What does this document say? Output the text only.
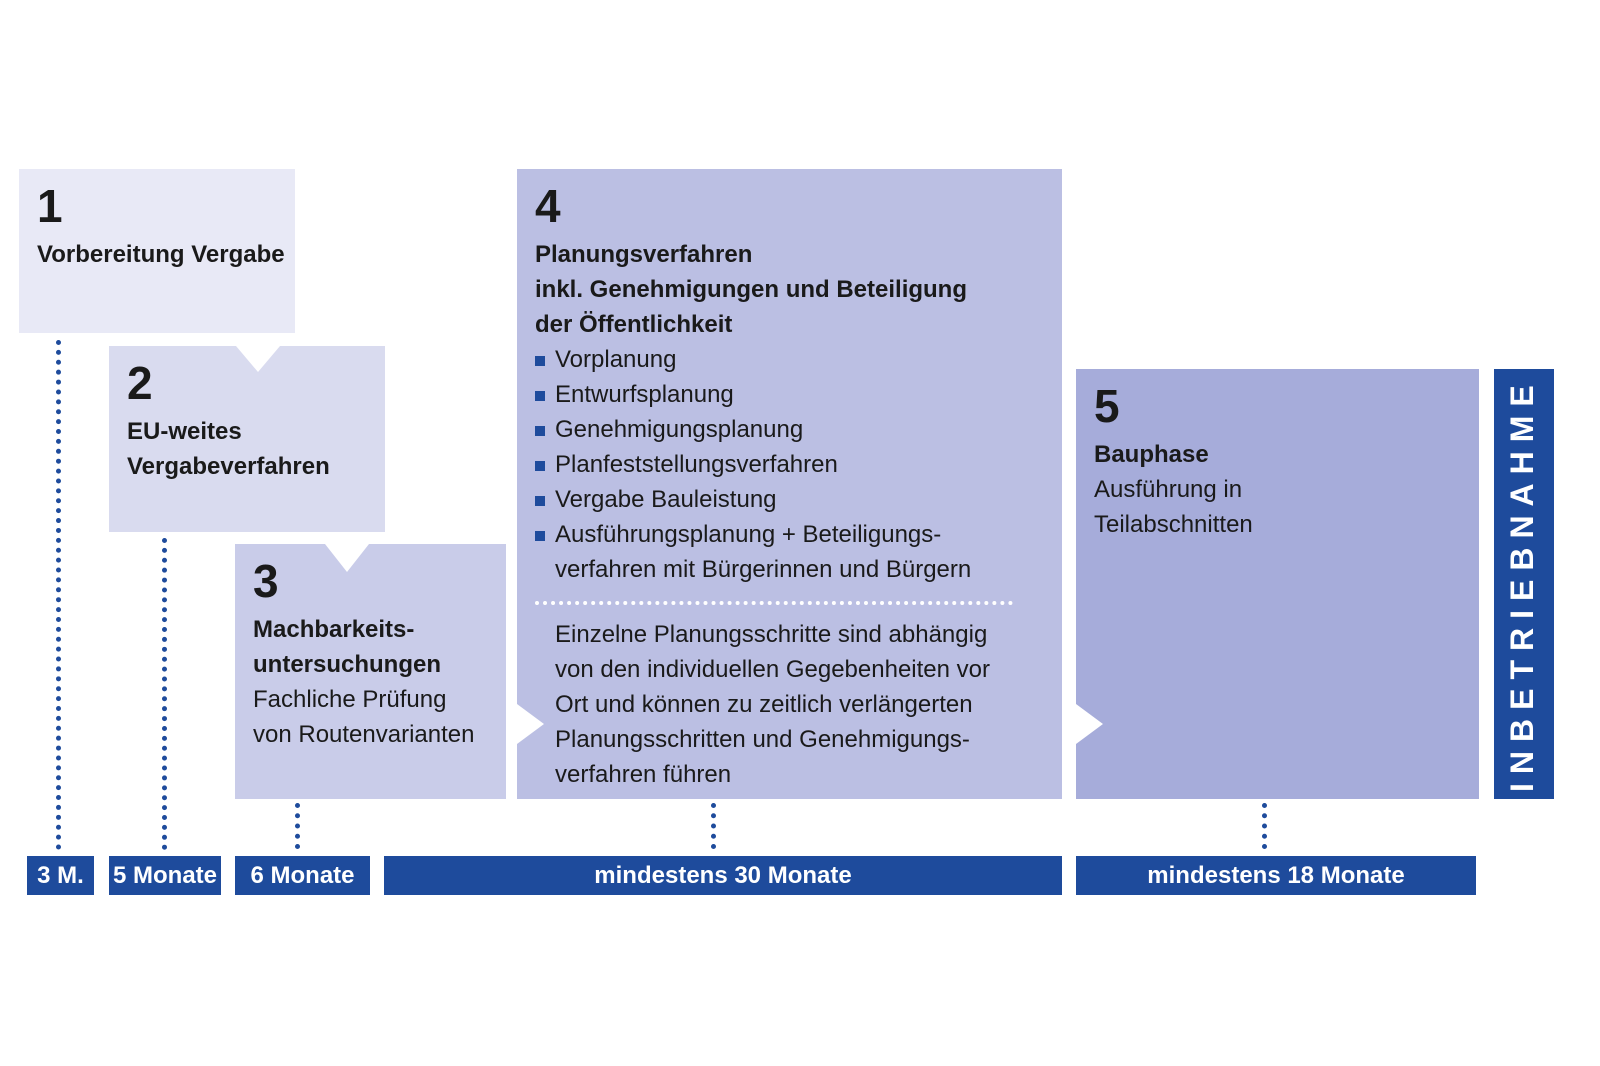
1
Vorbereitung Vergabe
2
EU-weites
Vergabeverfahren
3
Machbarkeits-
untersuchungen
Fachliche Prüfung
von Routenvarianten
4
Planungsverfahren
inkl. Genehmigungen und Beteiligung
der Öffentlichkeit
Vorplanung
Entwurfsplanung
Genehmigungsplanung
Planfeststellungsverfahren
Vergabe Bauleistung
Ausführungsplanung + Beteiligungs-
verfahren mit Bürgerinnen und Bürgern
Einzelne Planungsschritte sind abhängig
von den individuellen Gegebenheiten vor
Ort und können zu zeitlich verlängerten
Planungsschritten und Genehmigungs-
verfahren führen
5
Bauphase
Ausführung in
Teilabschnitten	INBETRIEBNAHME
3 M.	5 Monate	6 Monate	mindestens 30 Monate	mindestens 18 Monate
